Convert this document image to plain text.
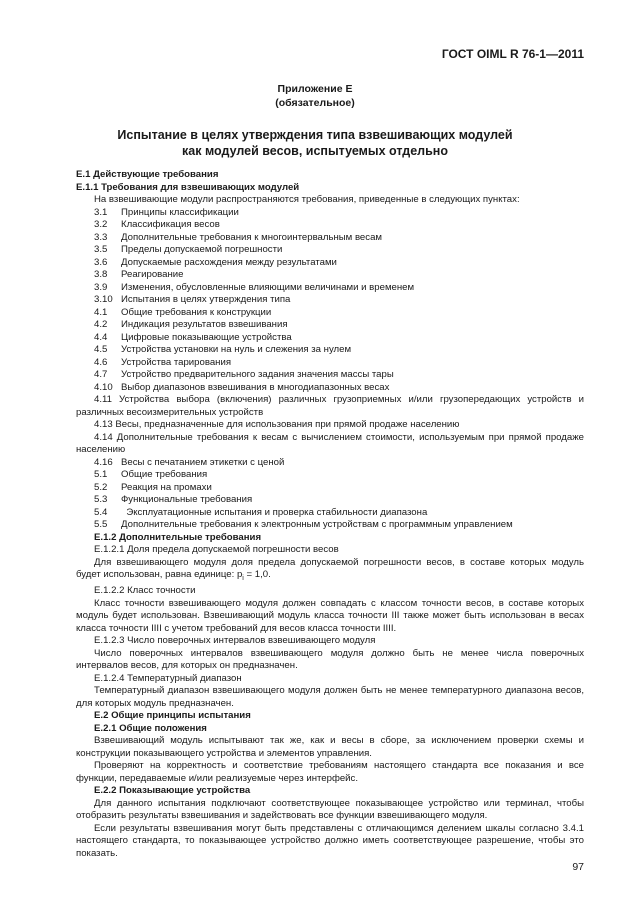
ГОСТ OIML R 76-1—2011
Приложение Е
(обязательное)
Испытание в целях утверждения типа взвешивающих модулей
как модулей весов, испытуемых отдельно

Е.1 Действующие требования

Е.1.1 Требования для взвешивающих модулей

На взвешивающие модули распространяются требования, приведенные в следующих пунктах:

3.1	Принципы классификации
3.2	Классификация весов
3.3	Дополнительные требования к многоинтервальным весам
3.5	Пределы допускаемой погрешности
3.6	Допускаемые расхождения между результатами
3.8	Реагирование
3.9	Изменения, обусловленные влияющими величинами и временем
3.10 Испытания в целях утверждения типа
4.1	Общие требования к конструкции
4.2	Индикация результатов взвешивания
4.4	Цифровые показывающие устройства
4.5	Устройства установки на нуль и слежения за нулем
4.6	Устройства тарирования
4.7	Устройство предварительного задания значения массы тары
4.10 Выбор диапазонов взвешивания в многодиапазонных весах

4.11 Устройства выбора (включения) различных грузоприемных и/или грузопередающих устройств и различных весоизмерительных устройств

4.13 Весы, предназначенные для использования при прямой продаже населению

4.14 Дополнительные требования к весам с вычислением стоимости, используемым при прямой продаже населению

4.16 Весы с печатанием этикетки с ценой
5.1	Общие требования
5.2	Реакция на промахи
5.3	Функциональные требования
5.4	Эксплуатационные испытания и проверка стабильности диапазона
5.5	Дополнительные требования к электронным устройствам с программным управлением

Е.1.2 Дополнительные требования

Е.1.2.1 Доля предела допускаемой погрешности весов

Для взвешивающего модуля доля предела допускаемой погрешности весов, в составе которых модуль будет использован, равна единице: $p_i = 1,0$.

Е.1.2.2 Класс точности

Класс точности взвешивающего модуля должен совпадать с классом точности весов, в составе которых модуль будет использован. Взвешивающий модуль класса точности III также может быть использован в весах класса точности IIII с учетом требований для весов класса точности IIII.

Е.1.2.3 Число поверочных интервалов взвешивающего модуля

Число поверочных интервалов взвешивающего модуля должно быть не менее числа поверочных интервалов весов, для которых он предназначен.

Е.1.2.4 Температурный диапазон

Температурный диапазон взвешивающего модуля должен быть не менее температурного диапазона весов, для которых модуль предназначен.

Е.2 Общие принципы испытания

Е.2.1 Общие положения

Взвешивающий модуль испытывают так же, как и весы в сборе, за исключением проверки схемы и конструкции показывающего устройства и элементов управления.

Проверяют на корректность и соответствие требованиям настоящего стандарта все показания и все функции, передаваемые и/или реализуемые через интерфейс.

Е.2.2 Показывающие устройства

Для данного испытания подключают соответствующее показывающее устройство или терминал, чтобы отобразить результаты взвешивания и задействовать все функции взвешивающего модуля.

Если результаты взвешивания могут быть представлены с отличающимся делением шкалы согласно 3.4.1 настоящего стандарта, то показывающее устройство должно иметь соответствующее разрешение, чтобы это показать.

97
